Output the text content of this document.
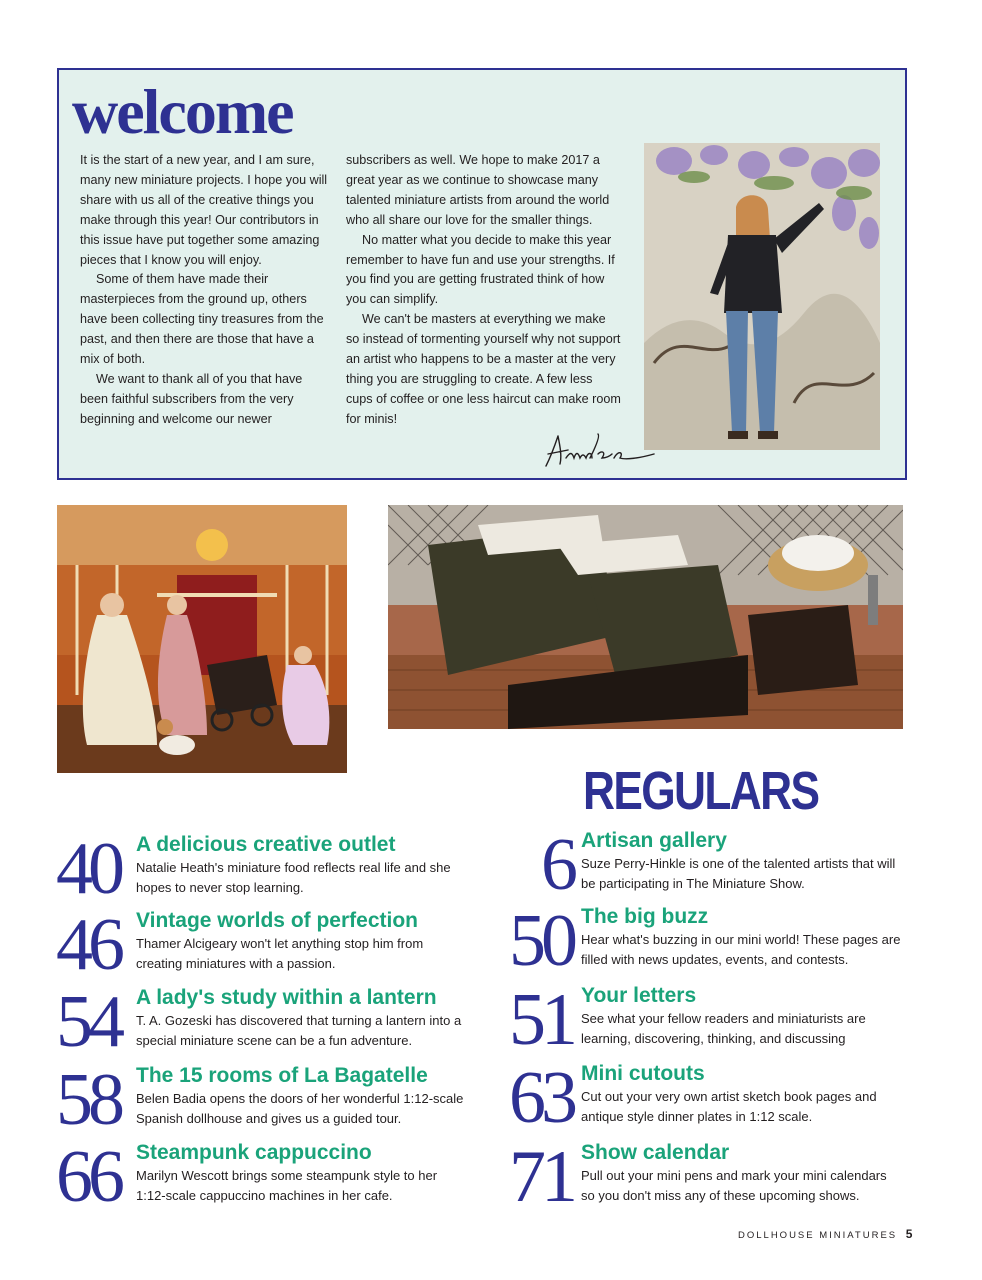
welcome

It is the start of a new year, and I am sure, many new miniature projects. I hope you will share with us all of the creative things you make through this year! Our contributors in this issue have put together some amazing pieces that I know you will enjoy.

Some of them have made their masterpieces from the ground up, others have been collecting tiny treasures from the past, and then there are those that have a mix of both.

We want to thank all of you that have been faithful subscribers from the very beginning and welcome our newer

subscribers as well. We hope to make 2017 a great year as we continue to showcase many talented miniature artists from around the world who all share our love for the smaller things.

No matter what you decide to make this year remember to have fun and use your strengths. If you find you are getting frustrated think of how you can simplify.

We can't be masters at everything we make so instead of tormenting yourself why not support an artist who happens to be a master at the very thing you are struggling to create. A few less cups of coffee or one less haircut can make room for minis!

REGULARS
40 A delicious creative outlet
Natalie Heath's miniature food reflects real life and she hopes to never stop learning.
46 Vintage worlds of perfection
Thamer Alcigeary won't let anything stop him from creating miniatures with a passion.
54 A lady's study within a lantern
T. A. Gozeski has discovered that turning a lantern into a special miniature scene can be a fun adventure.
58 The 15 rooms of La Bagatelle
Belen Badia opens the doors of her wonderful 1:12-scale Spanish dollhouse and gives us a guided tour.
66 Steampunk cappuccino
Marilyn Wescott brings some steampunk style to her 1:12-scale cappuccino machines in her cafe.
6 Artisan gallery
Suze Perry-Hinkle is one of the talented artists that will be participating in The Miniature Show.
50 The big buzz
Hear what's buzzing in our mini world! These pages are filled with news updates, events, and contests.
51 Your letters
See what your fellow readers and miniaturists are learning, discovering, thinking, and discussing
63 Mini cutouts
Cut out your very own artist sketch book pages and antique style dinner plates in 1:12 scale.
71 Show calendar
Pull out your mini pens and mark your mini calendars so you don't miss any of these upcoming shows.
DOLLHOUSE MINIATURES 5
